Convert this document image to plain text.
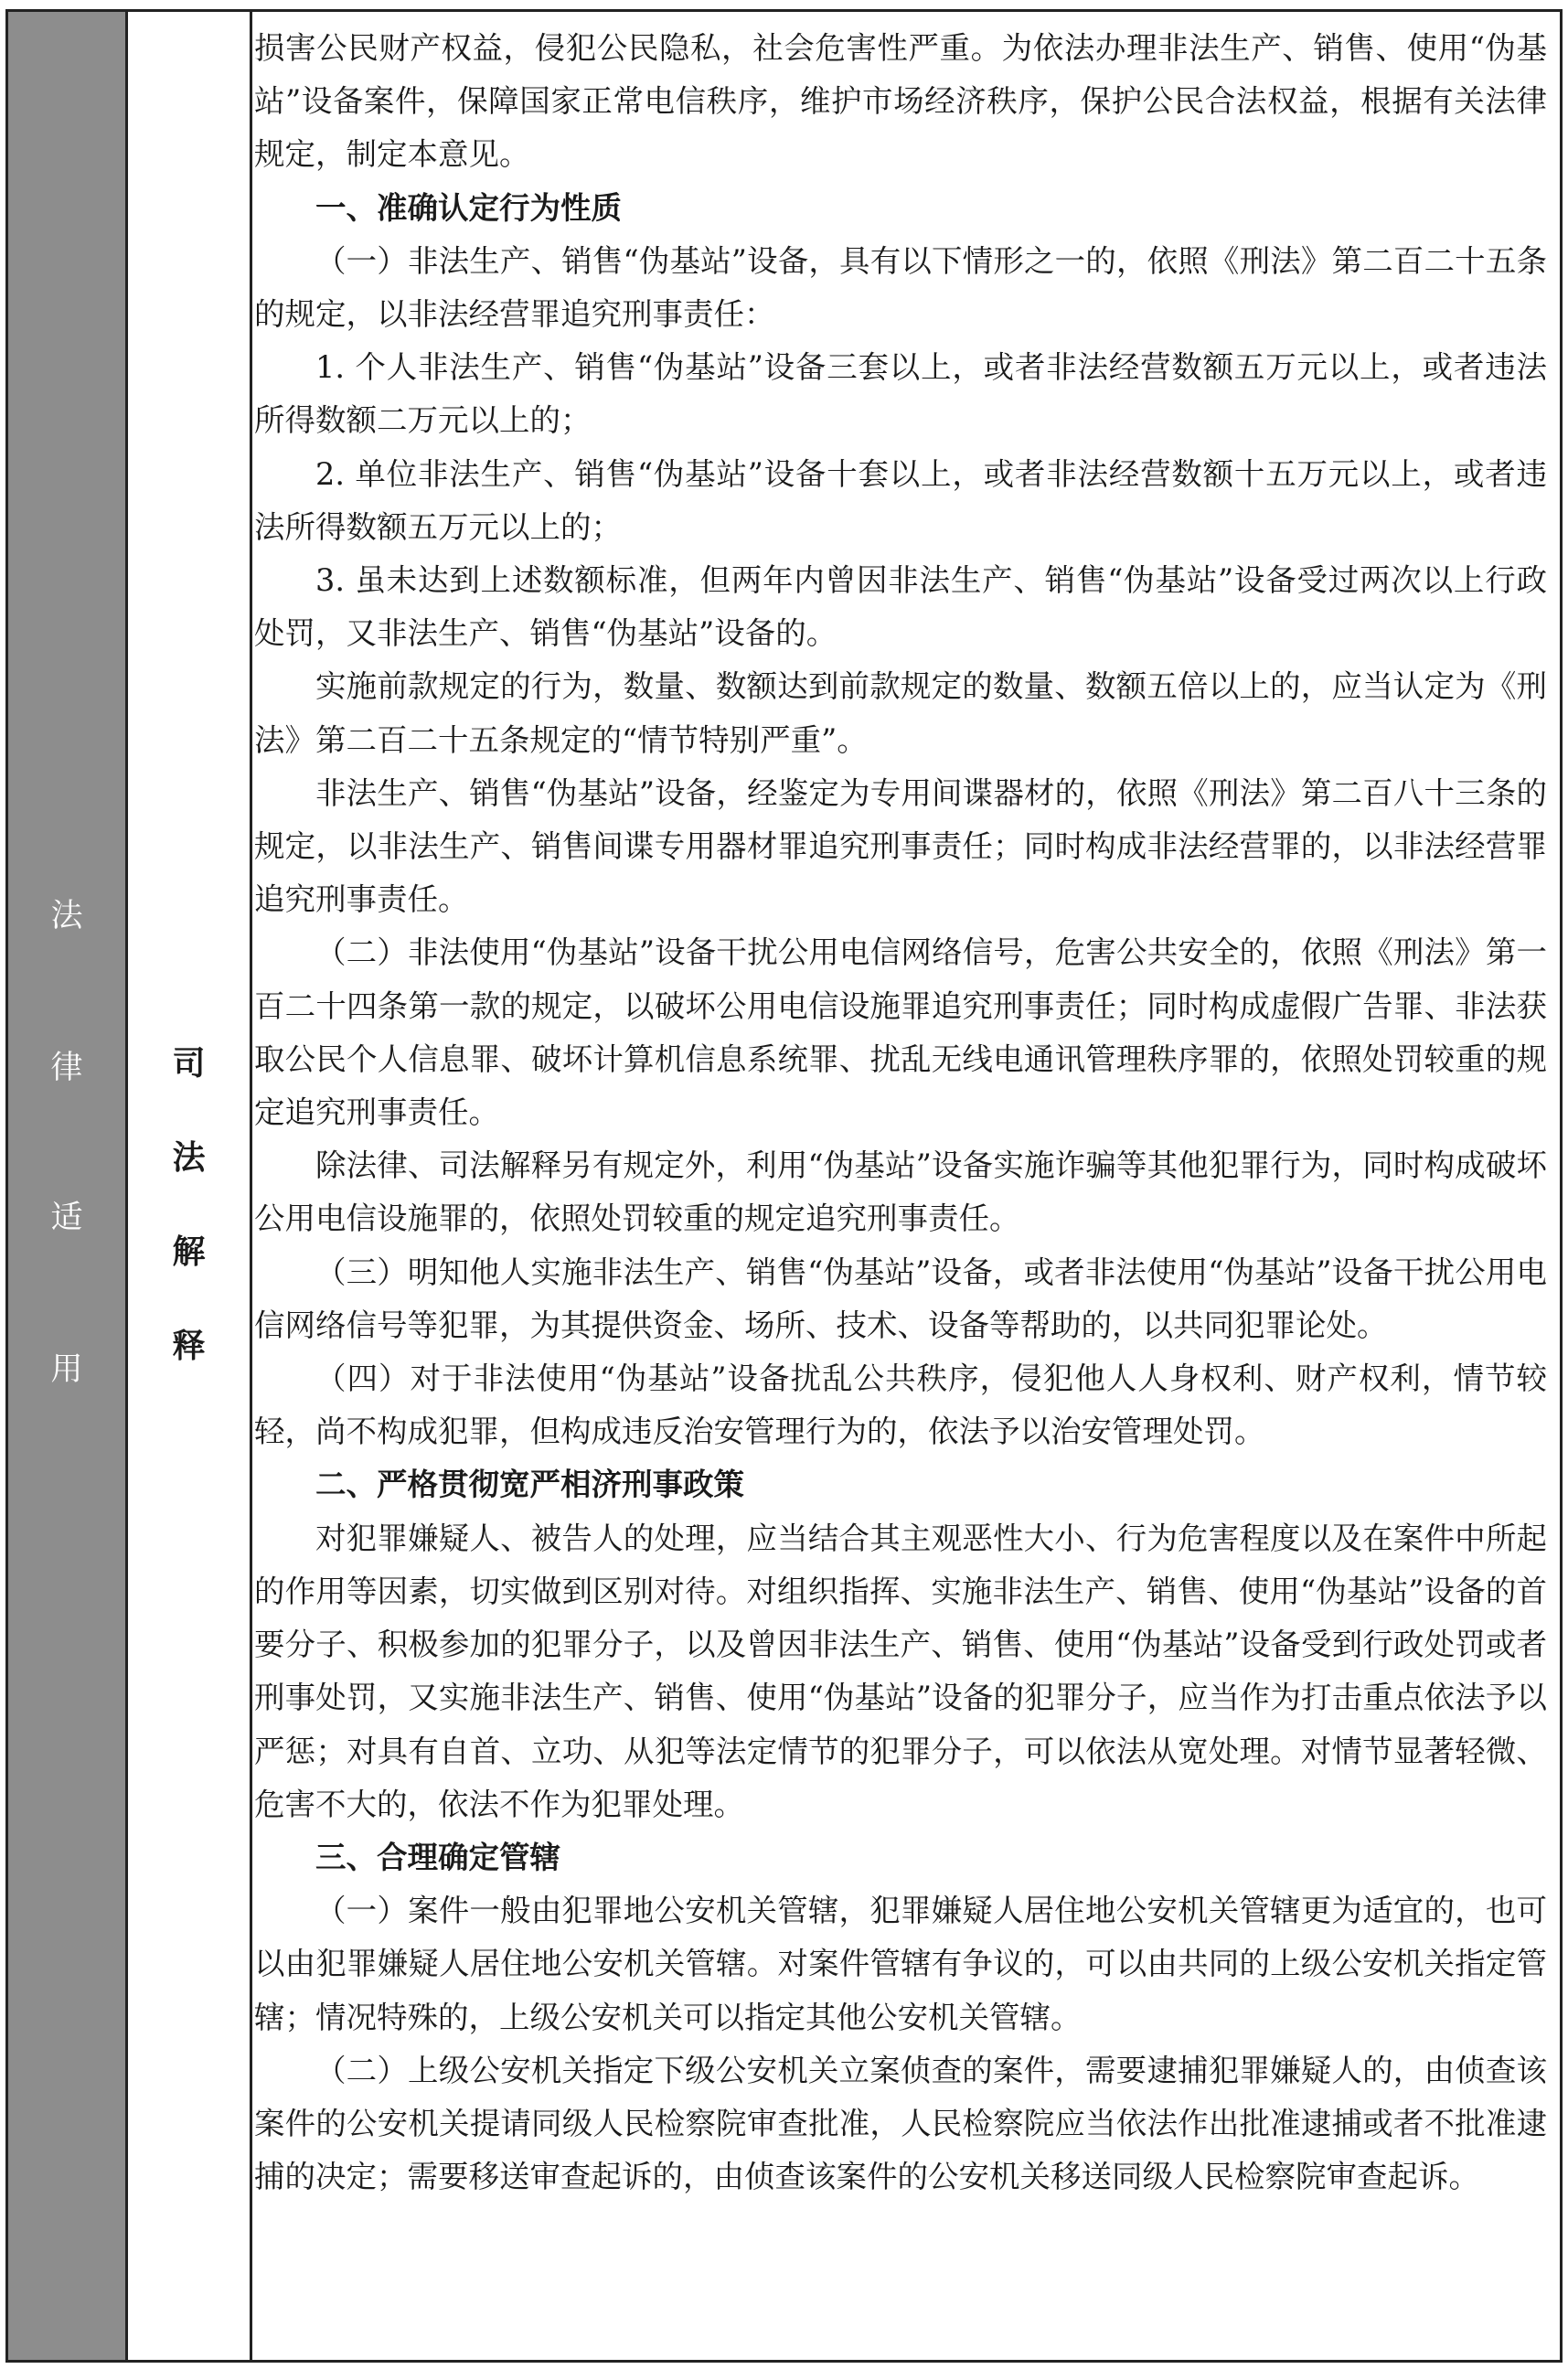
法
律
适
用
司
法
解
释

损害公民财产权益，侵犯公民隐私，社会危害性严重。为依法办理非法生产、销售、使用“伪基站”设备案件，保障国家正常电信秩序，维护市场经济秩序，保护公民合法权益，根据有关法律规定，制定本意见。

一、准确认定行为性质

（一）非法生产、销售“伪基站”设备，具有以下情形之一的，依照《刑法》第二百二十五条的规定，以非法经营罪追究刑事责任：

1. 个人非法生产、销售“伪基站”设备三套以上，或者非法经营数额五万元以上，或者违法所得数额二万元以上的；

2. 单位非法生产、销售“伪基站”设备十套以上，或者非法经营数额十五万元以上，或者违法所得数额五万元以上的；

3. 虽未达到上述数额标准，但两年内曾因非法生产、销售“伪基站”设备受过两次以上行政处罚，又非法生产、销售“伪基站”设备的。

实施前款规定的行为，数量、数额达到前款规定的数量、数额五倍以上的，应当认定为《刑法》第二百二十五条规定的“情节特别严重”。

非法生产、销售“伪基站”设备，经鉴定为专用间谍器材的，依照《刑法》第二百八十三条的规定，以非法生产、销售间谍专用器材罪追究刑事责任；同时构成非法经营罪的，以非法经营罪追究刑事责任。

（二）非法使用“伪基站”设备干扰公用电信网络信号，危害公共安全的，依照《刑法》第一百二十四条第一款的规定，以破坏公用电信设施罪追究刑事责任；同时构成虚假广告罪、非法获取公民个人信息罪、破坏计算机信息系统罪、扰乱无线电通讯管理秩序罪的，依照处罚较重的规定追究刑事责任。

除法律、司法解释另有规定外，利用“伪基站”设备实施诈骗等其他犯罪行为，同时构成破坏公用电信设施罪的，依照处罚较重的规定追究刑事责任。

（三）明知他人实施非法生产、销售“伪基站”设备，或者非法使用“伪基站”设备干扰公用电信网络信号等犯罪，为其提供资金、场所、技术、设备等帮助的，以共同犯罪论处。

（四）对于非法使用“伪基站”设备扰乱公共秩序，侵犯他人人身权利、财产权利，情节较轻，尚不构成犯罪，但构成违反治安管理行为的，依法予以治安管理处罚。

二、严格贯彻宽严相济刑事政策

对犯罪嫌疑人、被告人的处理，应当结合其主观恶性大小、行为危害程度以及在案件中所起的作用等因素，切实做到区别对待。对组织指挥、实施非法生产、销售、使用“伪基站”设备的首要分子、积极参加的犯罪分子，以及曾因非法生产、销售、使用“伪基站”设备受到行政处罚或者刑事处罚，又实施非法生产、销售、使用“伪基站”设备的犯罪分子，应当作为打击重点依法予以严惩；对具有自首、立功、从犯等法定情节的犯罪分子，可以依法从宽处理。对情节显著轻微、危害不大的，依法不作为犯罪处理。

三、合理确定管辖

（一）案件一般由犯罪地公安机关管辖，犯罪嫌疑人居住地公安机关管辖更为适宜的，也可以由犯罪嫌疑人居住地公安机关管辖。对案件管辖有争议的，可以由共同的上级公安机关指定管辖；情况特殊的，上级公安机关可以指定其他公安机关管辖。

（二）上级公安机关指定下级公安机关立案侦查的案件，需要逮捕犯罪嫌疑人的，由侦查该案件的公安机关提请同级人民检察院审查批准，人民检察院应当依法作出批准逮捕或者不批准逮捕的决定；需要移送审查起诉的，由侦查该案件的公安机关移送同级人民检察院审查起诉。
